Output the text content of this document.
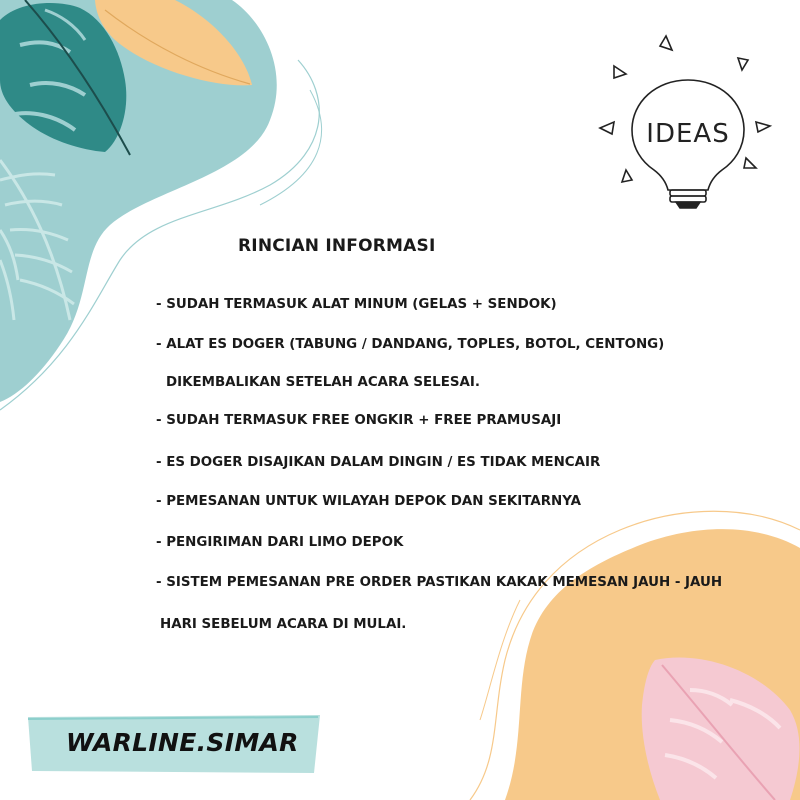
IDEAS
RINCIAN INFORMASI
- SUDAH TERMASUK ALAT MINUM (GELAS + SENDOK)
- ALAT ES DOGER (TABUNG / DANDANG, TOPLES, BOTOL, CENTONG)
DIKEMBALIKAN SETELAH ACARA SELESAI.
- SUDAH TERMASUK FREE ONGKIR + FREE PRAMUSAJI
- ES DOGER DISAJIKAN DALAM DINGIN / ES TIDAK MENCAIR
- PEMESANAN UNTUK WILAYAH DEPOK DAN SEKITARNYA
- PENGIRIMAN DARI LIMO DEPOK
- SISTEM PEMESANAN PRE ORDER PASTIKAN KAKAK MEMESAN JAUH - JAUH
HARI SEBELUM ACARA DI MULAI.
WARLINE.SIMAR
